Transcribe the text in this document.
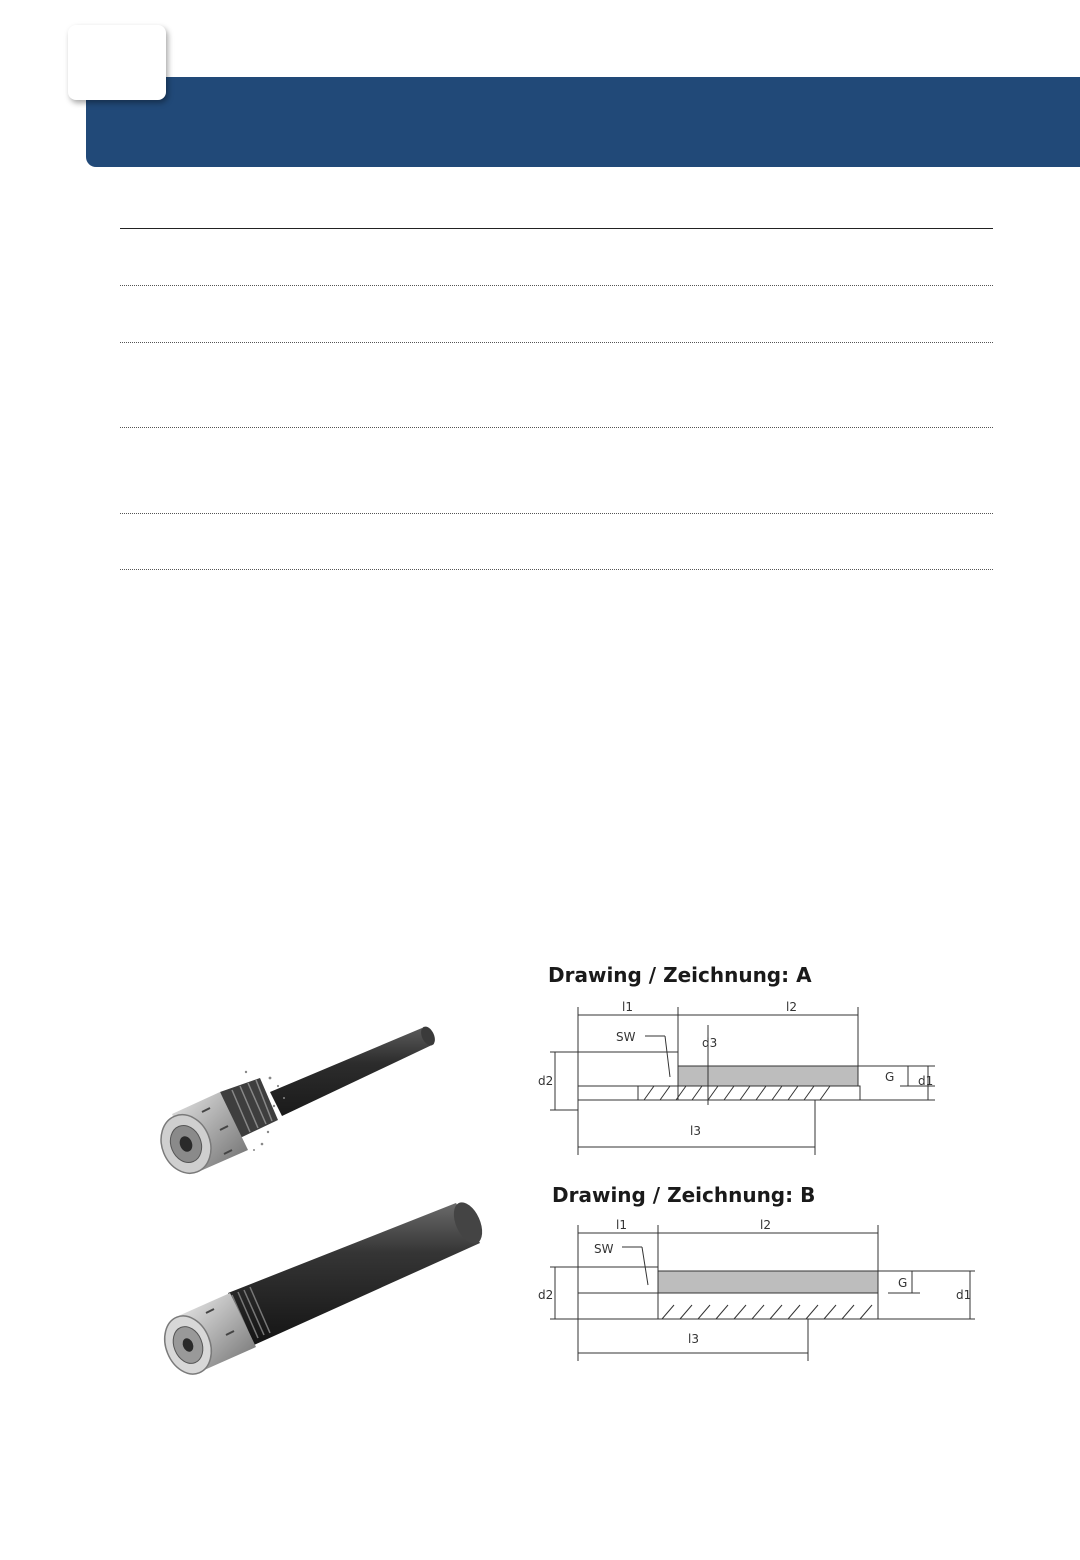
Drawing / Zeichnung: A
l1	l2
l3
SW
d2
d3
G d1
Drawing / Zeichnung: B
l1	l2
l3
SW
d2
G
d1
